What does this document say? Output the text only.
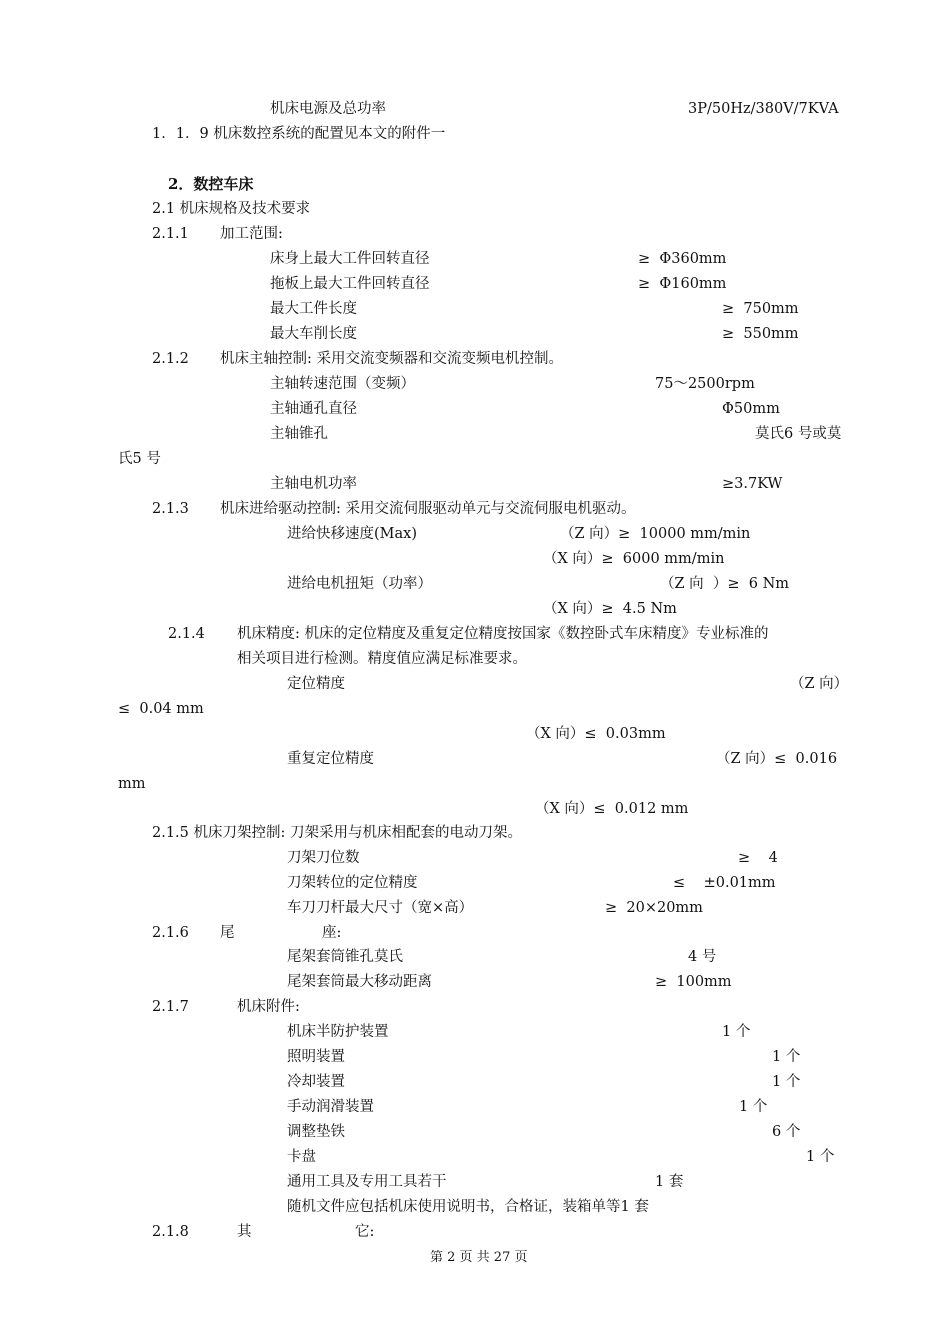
机床电源及总功率	3P/50Hz/380V/7KVA
1．1．9 机床数控系统的配置见本文的附件一
2．数控车床
2.1 机床规格及技术要求
2.1.1 加工范围:
床身上最大工件回转直径	≥  Φ360mm
拖板上最大工件回转直径	≥  Φ160mm
最大工件长度	≥  750mm
最大车削长度	≥  550mm
2.1.2 机床主轴控制: 采用交流变频器和交流变频电机控制。
主轴转速范围（变频）	75～2500rpm
主轴通孔直径	Φ50mm
主轴锥孔	莫氏6 号或莫
氏5 号
主轴电机功率	≥3.7KW
2.1.3 机床进给驱动控制: 采用交流伺服驱动单元与交流伺服电机驱动。
进给快移速度(Max)	（Z 向）≥  10000 mm/min
（X 向）≥  6000 mm/min
进给电机扭矩（功率）	（Z 向  ）≥  6 Nm
（X 向）≥  4.5 Nm
2.1.4 机床精度: 机床的定位精度及重复定位精度按国家《数控卧式车床精度》专业标准的
相关项目进行检测。精度值应满足标准要求。
定位精度	（Z 向）
≤  0.04 mm
（X 向）≤  0.03mm
重复定位精度	（Z 向）≤  0.016
mm
（X 向）≤  0.012 mm
2.1.5 机床刀架控制: 刀架采用与机床相配套的电动刀架。
刀架刀位数	≥    4
刀架转位的定位精度	≤    ±0.01mm
车刀刀杆最大尺寸（宽×高）	≥  20×20mm
2.1.6 尾	座:
尾架套筒锥孔莫氏	4 号
尾架套筒最大移动距离	≥  100mm
2.1.7	机床附件:
机床半防护装置	1 个
照明装置	1 个
冷却装置	1 个
手动润滑装置	1 个
调整垫铁	6 个
卡盘	1 个
通用工具及专用工具若干	1 套
随机文件应包括机床使用说明书，合格证，装箱单等1 套
2.1.8	其	它:
第 2 页 共 27 页
